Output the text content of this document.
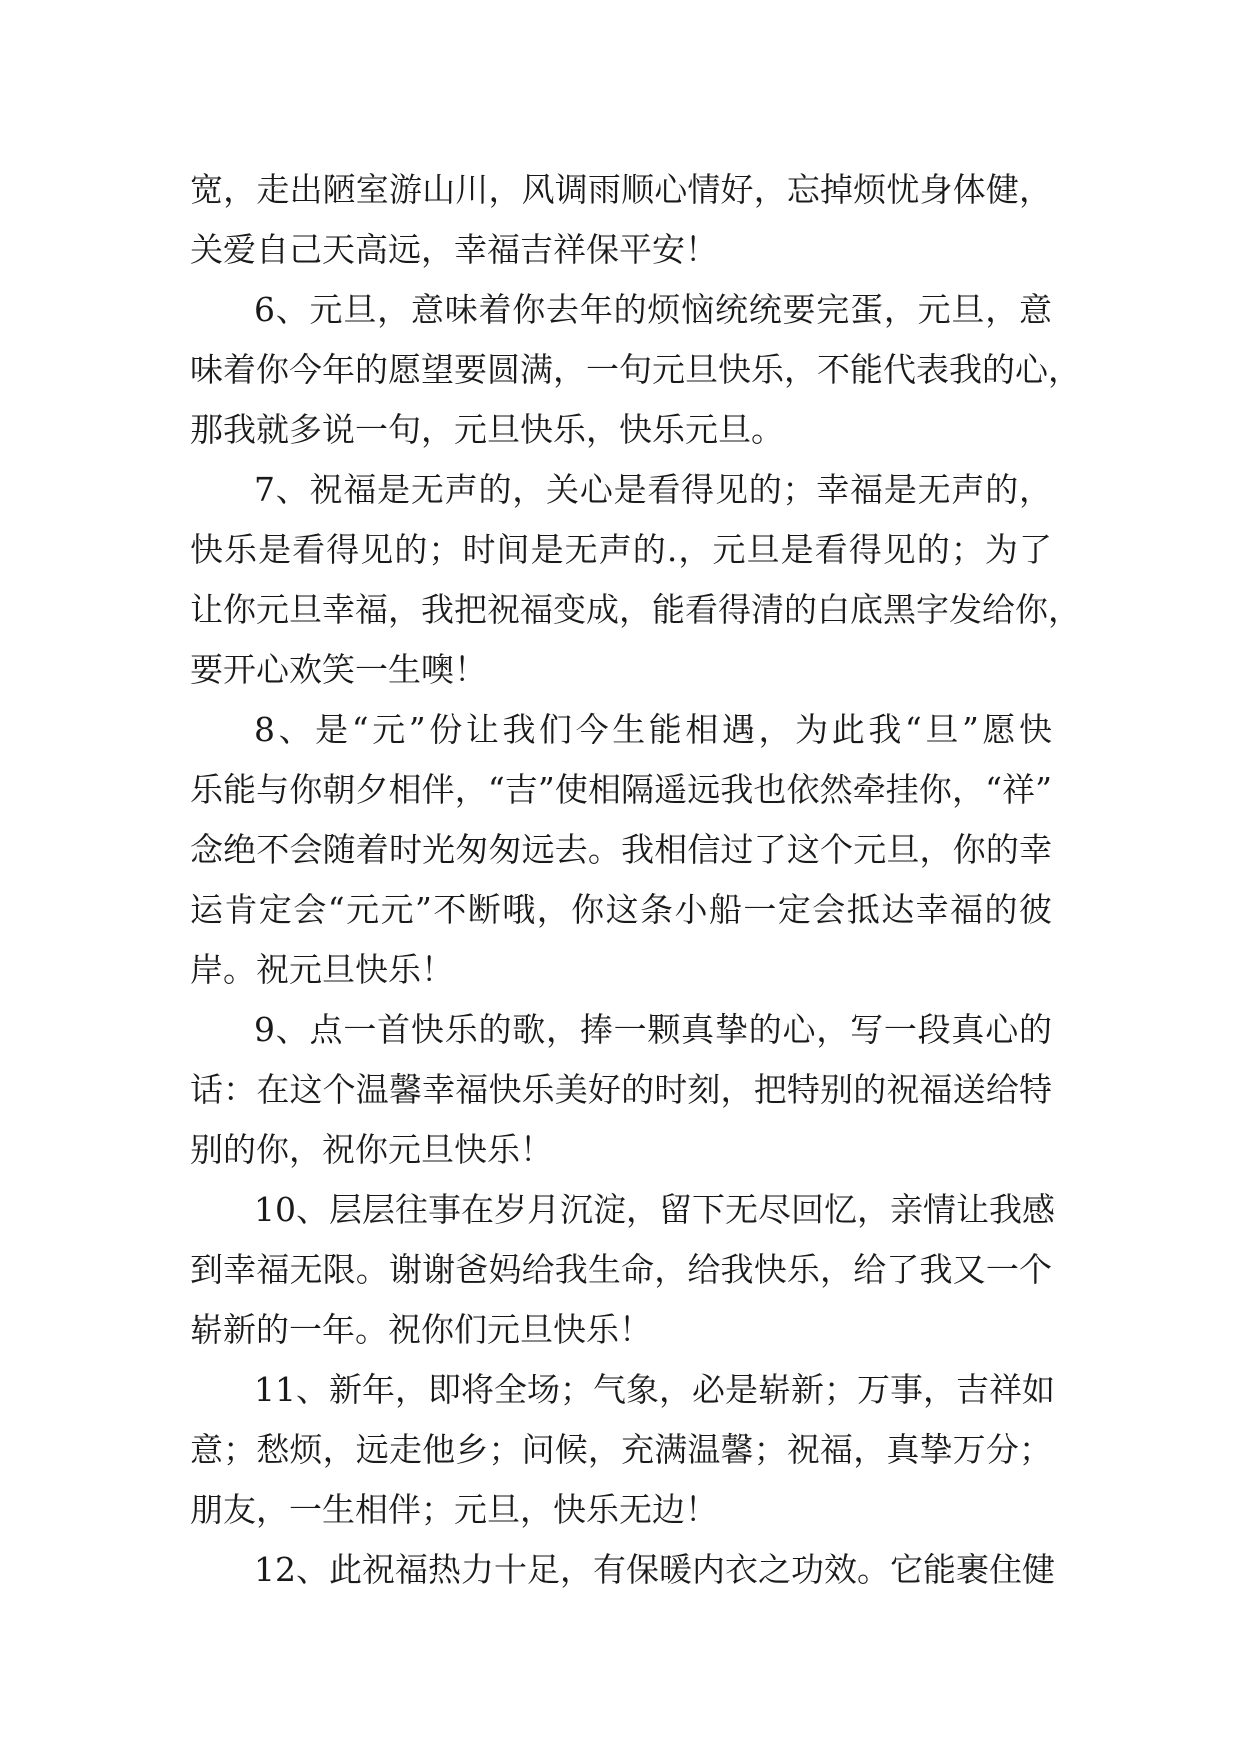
宽，走出陋室游山川，风调雨顺心情好，忘掉烦忧身体健，
关爱自己天高远，幸福吉祥保平安！
6、元旦，意味着你去年的烦恼统统要完蛋，元旦，意
味着你今年的愿望要圆满，一句元旦快乐，不能代表我的心，
那我就多说一句，元旦快乐，快乐元旦。
7、祝福是无声的，关心是看得见的；幸福是无声的，
快乐是看得见的；时间是无声的.，元旦是看得见的；为了
让你元旦幸福，我把祝福变成，能看得清的白底黑字发给你，
要开心欢笑一生噢！
8、是“元”份让我们今生能相遇，为此我“旦”愿快
乐能与你朝夕相伴，“吉”使相隔遥远我也依然牵挂你，“祥”
念绝不会随着时光匆匆远去。我相信过了这个元旦，你的幸
运肯定会“元元”不断哦，你这条小船一定会抵达幸福的彼
岸。祝元旦快乐！
9、点一首快乐的歌，捧一颗真挚的心，写一段真心的
话：在这个温馨幸福快乐美好的时刻，把特别的祝福送给特
别的你，祝你元旦快乐！
10、层层往事在岁月沉淀，留下无尽回忆，亲情让我感
到幸福无限。谢谢爸妈给我生命，给我快乐，给了我又一个
崭新的一年。祝你们元旦快乐！
11、新年，即将全场；气象，必是崭新；万事，吉祥如
意；愁烦，远走他乡；问候，充满温馨；祝福，真挚万分；
朋友，一生相伴；元旦，快乐无边！
12、此祝福热力十足，有保暖内衣之功效。它能裹住健
